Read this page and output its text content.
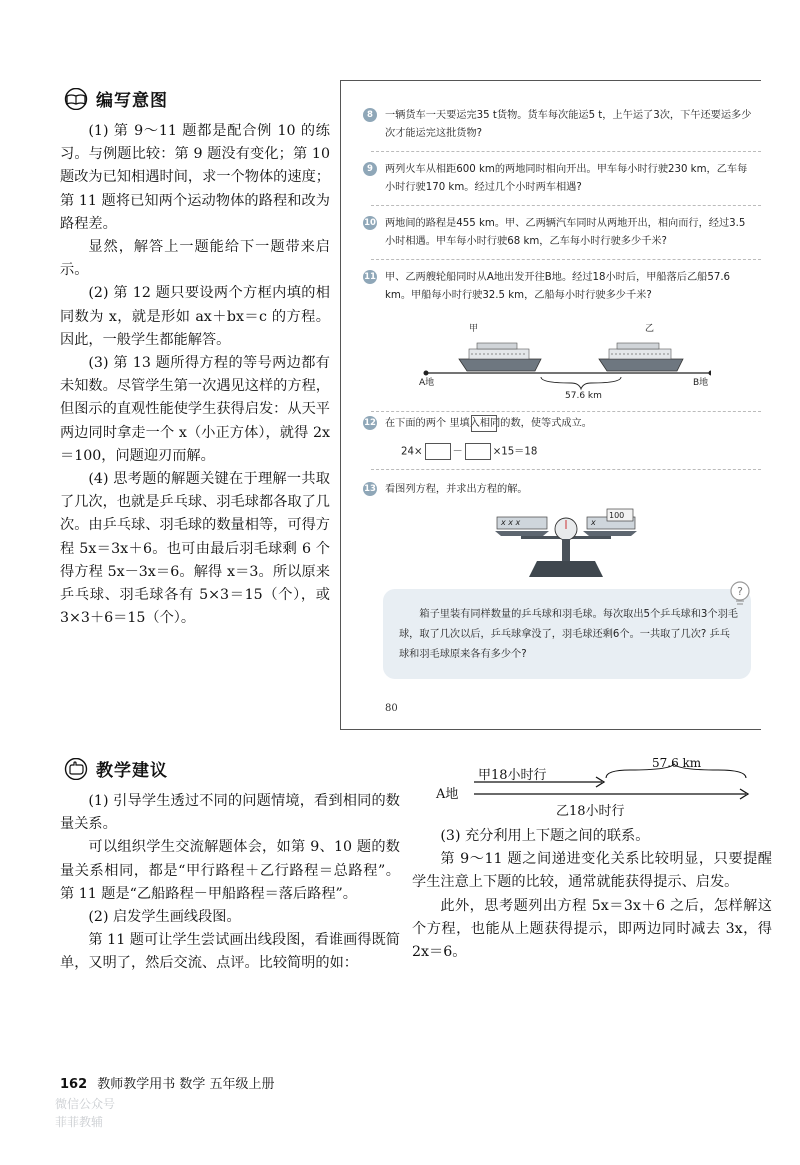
编写意图

(1) 第 9～11 题都是配合例 10 的练习。与例题比较：第 9 题没有变化；第 10 题改为已知相遇时间，求一个物体的速度；第 11 题将已知两个运动物体的路程和改为路程差。

显然，解答上一题能给下一题带来启示。

(2) 第 12 题只要设两个方框内填的相同数为 x，就是形如 ax＋bx＝c 的方程。因此，一般学生都能解答。

(3) 第 13 题所得方程的等号两边都有未知数。尽管学生第一次遇见这样的方程，但图示的直观性能使学生获得启发：从天平两边同时拿走一个 x（小正方体），就得 2x＝100，问题迎刃而解。

(4) 思考题的解题关键在于理解一共取了几次，也就是乒乓球、羽毛球都各取了几次。由乒乓球、羽毛球的数量相等，可得方程 5x＝3x＋6。也可由最后羽毛球剩 6 个得方程 5x－3x＝6。解得 x＝3。所以原来乒乓球、羽毛球各有 5×3＝15（个），或 3×3＋6＝15（个）。

8	一辆货车一天要运完35 t货物。货车每次能运5 t，上午运了3次，下午还要运多少次才能运完这批货物?
9	两列火车从相距600 km的两地同时相向开出。甲车每小时行驶230 km，乙车每小时行驶170 km。经过几个小时两车相遇?
10 两地间的路程是455 km。甲、乙两辆汽车同时从两地开出，相向而行，经过3.5小时相遇。甲车每小时行驶68 km，乙车每小时行驶多少千米?
11 甲、乙两艘轮船同时从A地出发开往B地。经过18小时后，甲船落后乙船57.6 km。甲船每小时行驶32.5 km，乙船每小时行驶多少千米?
甲	乙
A地	B地
57.6 km
12 在下面的两个 里填入相同的数，使等式成立。
24×	－	×15＝18
13 看图列方程，并求出方程的解。
x x x	x
100

箱子里装有同样数量的乒乓球和羽毛球。每次取出5个乒乓球和3个羽毛球，取了几次以后，乒乓球拿没了，羽毛球还剩6个。一共取了几次? 乒乓球和羽毛球原来各有多少个?

?
80
教学建议

(1) 引导学生透过不同的问题情境，看到相同的数量关系。

可以组织学生交流解题体会，如第 9、10 题的数量关系相同，都是“甲行路程＋乙行路程＝总路程”。第 11 题是“乙船路程－甲船路程＝落后路程”。

(2) 启发学生画线段图。

第 11 题可让学生尝试画出线段图，看谁画得既简单，又明了，然后交流、点评。比较简明的如：

A地
甲18小时行
乙18小时行
57.6 km

(3) 充分利用上下题之间的联系。

第 9～11 题之间递进变化关系比较明显，只要提醒学生注意上下题的比较，通常就能获得提示、启发。

此外，思考题列出方程 5x＝3x＋6 之后，怎样解这个方程，也能从上题获得提示，即两边同时减去 3x，得 2x＝6。

162 教师教学用书 数学 五年级上册
微信公众号
菲菲教辅
